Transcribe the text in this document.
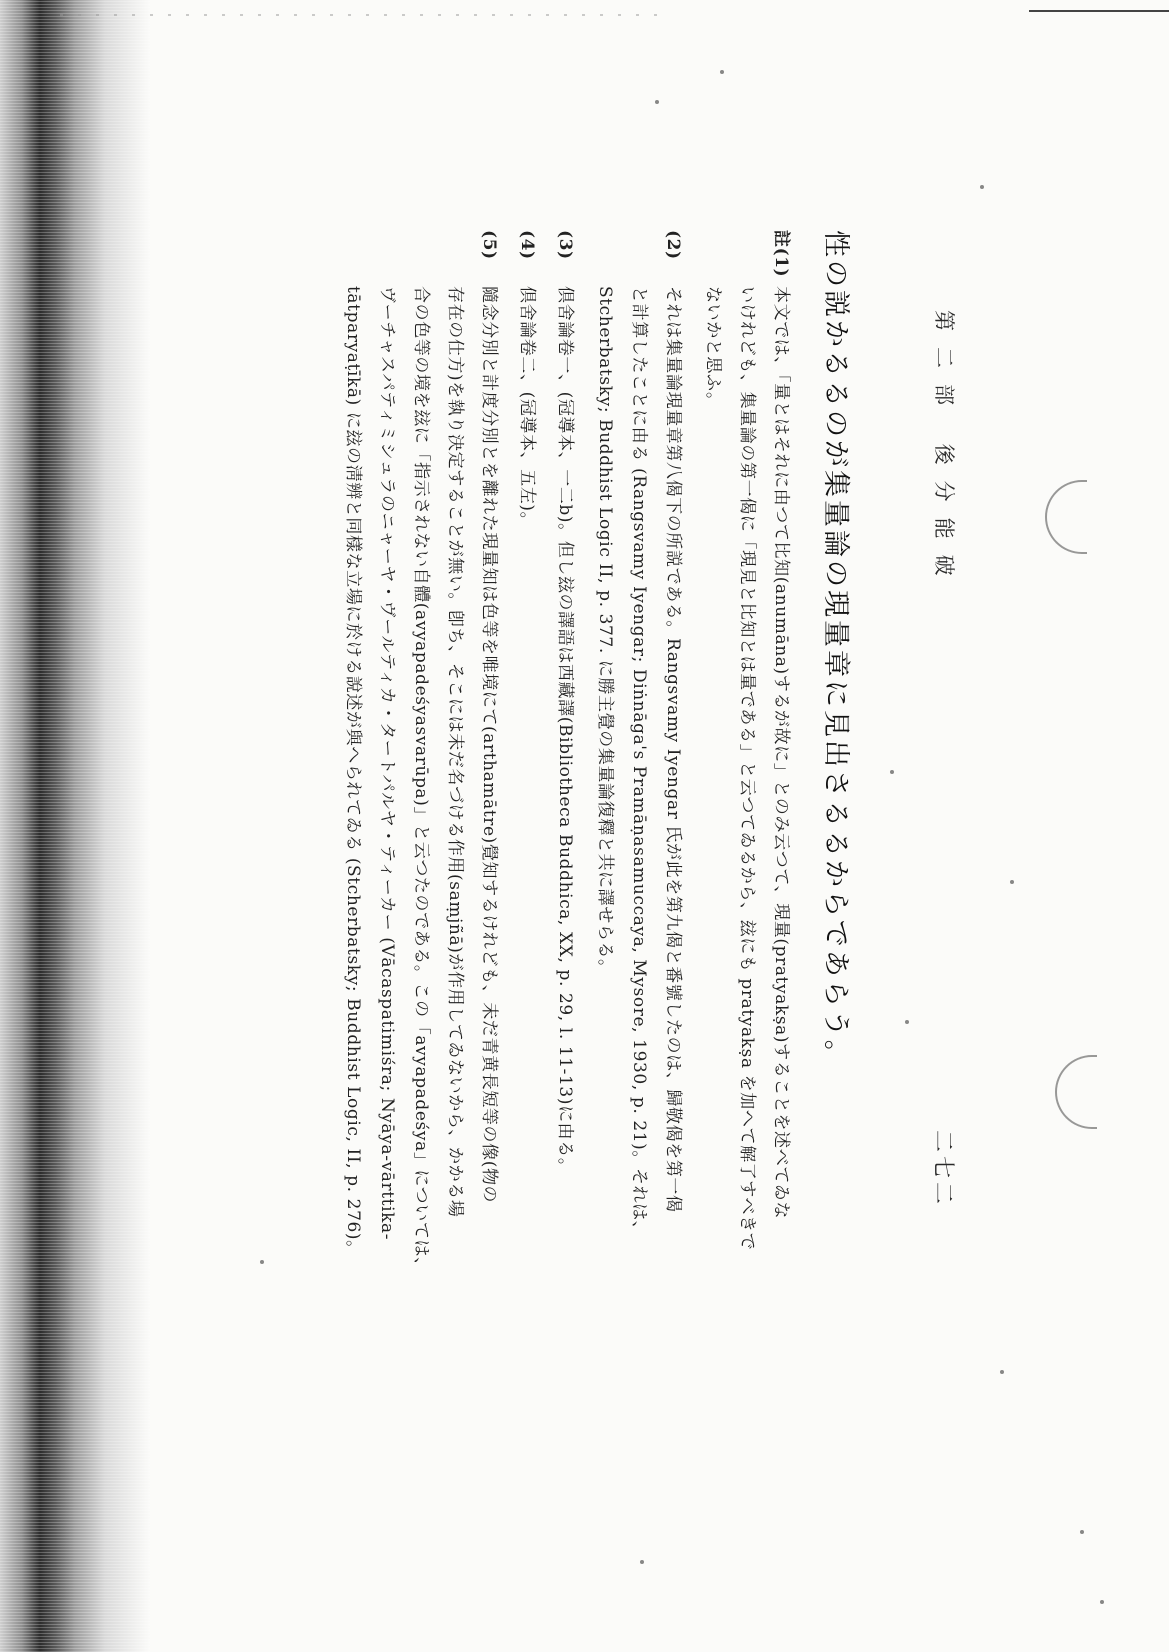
第二部 後分能破
二七二
性の説かるるのが集量論の現量章に見出さるるからであらう。
註(1)本文では、「量とはそれに由つて比知(anumāna)するが故に」とのみ云つて、現量(pratyakṣa)することを述べてゐな
いけれども、集量論の第一偈に「現見と比知とは量である」と云つてゐるから、玆にも pratyakṣa を加へて解了すべきで
ないかと思ふ。
(2)それは集量論現量章第八偈下の所説である。Rangsvamy Iyengar 氏が此を第九偈と番號したのは、歸敬偈を第一偈
と計算したことに由る (Rangsvamy Iyengar; Diṅnāga's Pramāṇasamuccaya, Mysore, 1930, p. 21)。それは、
Stcherbatsky; Buddhist Logic II, p. 377. に勝主覺の集量論復釋と共に譯せらる。
(3)倶舍論卷一、(冠導本、一二b)。但し玆の譯語は西藏譯(Bibliotheca Buddhica, XX, p. 29, l. 11-13)に由る。
(4)倶舍論卷二、(冠導本、五左)。
(5)隨念分別と計度分別とを離れた現量知は色等を唯境にて(arthamātre)覺知するけれども、未だ青黄長短等の像(物の
存在の仕方)を執り決定することが無い。卽ち、そこには未だ名づける作用(saṃjñā)が作用してゐないから、かかる場
合の色等の境を玆に「指示されない自體(avyapadeśyasvarūpa)」と云つたのである。この「avyapadeśya」については、
ヴーチャスパティミシュラのニャーヤ・ヴールティカ・タートパルヤ・ティーカー (Vācaspatimiśra; Nyāya-vārttika-
tātparyaṭīkā) に玆の淸辨と同樣な立場に於ける說述が與へられてゐる (Stcherbatsky; Buddhist Logic, II, p. 276)。
